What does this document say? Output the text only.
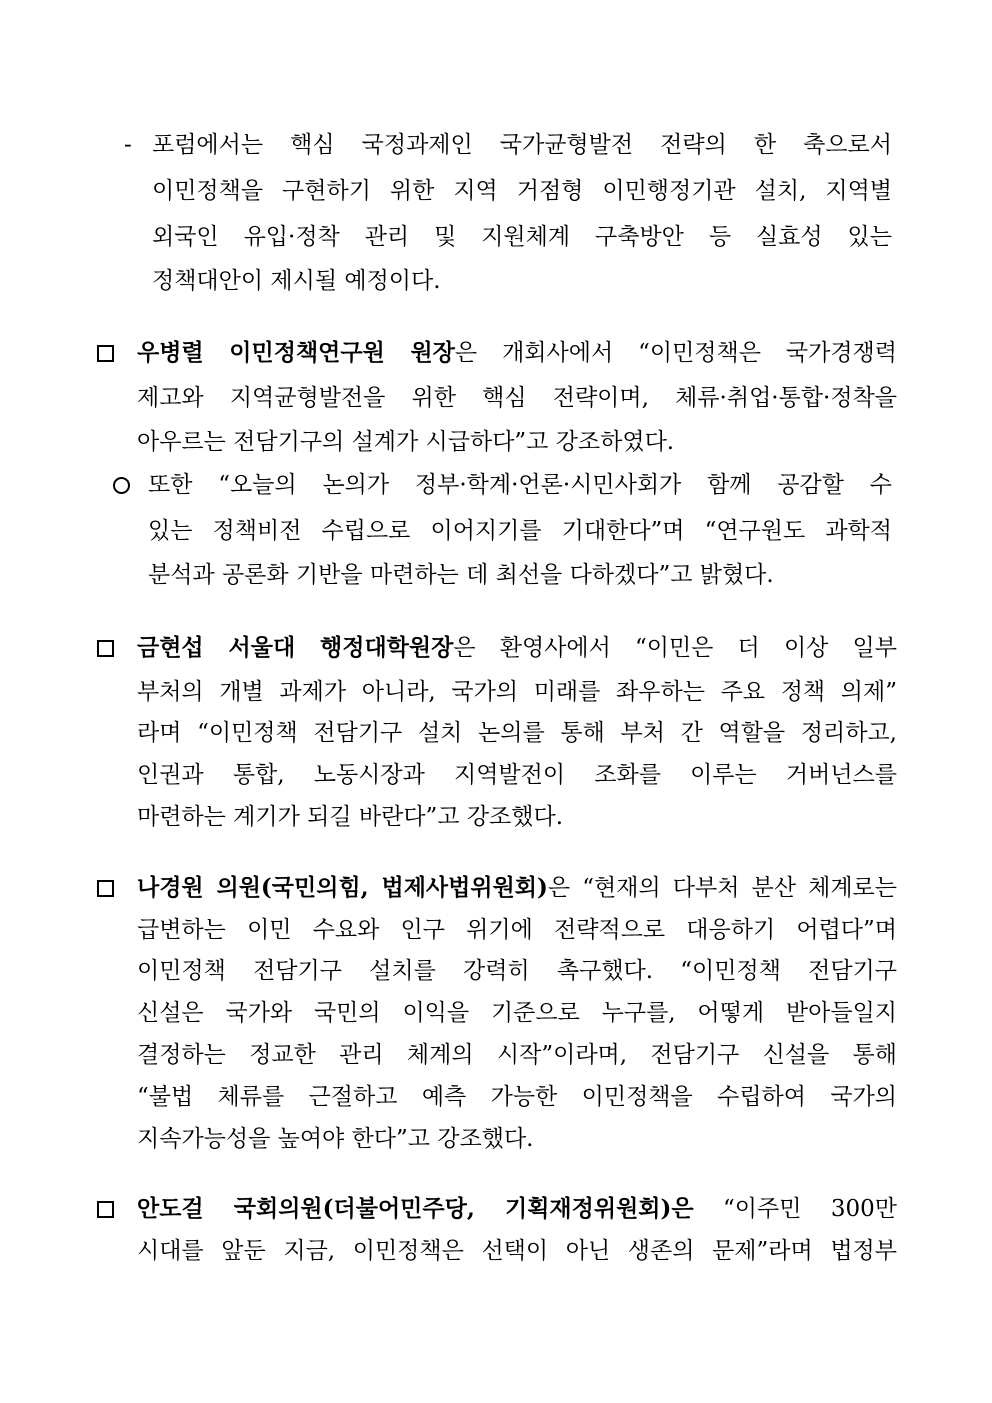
- 포럼에서는 핵심 국정과제인 국가균형발전 전략의 한 축으로서
이민정책을 구현하기 위한 지역 거점형 이민행정기관 설치, 지역별
외국인 유입·정착 관리 및 지원체계 구축방안 등 실효성 있는
정책대안이 제시될 예정이다.
우병렬 이민정책연구원 원장은 개회사에서 “이민정책은 국가경쟁력
제고와 지역균형발전을 위한 핵심 전략이며, 체류·취업·통합·정착을
아우르는 전담기구의 설계가 시급하다”고 강조하였다.
또한 “오늘의 논의가 정부·학계·언론·시민사회가 함께 공감할 수
있는 정책비전 수립으로 이어지기를 기대한다”며 “연구원도 과학적
분석과 공론화 기반을 마련하는 데 최선을 다하겠다”고 밝혔다.
금현섭 서울대 행정대학원장은 환영사에서 “이민은 더 이상 일부
부처의 개별 과제가 아니라, 국가의 미래를 좌우하는 주요 정책 의제”
라며 “이민정책 전담기구 설치 논의를 통해 부처 간 역할을 정리하고,
인권과 통합, 노동시장과 지역발전이 조화를 이루는 거버넌스를
마련하는 계기가 되길 바란다”고 강조했다.
나경원 의원(국민의힘, 법제사법위원회)은 “현재의 다부처 분산 체계로는
급변하는 이민 수요와 인구 위기에 전략적으로 대응하기 어렵다”며
이민정책 전담기구 설치를 강력히 촉구했다. “이민정책 전담기구
신설은 국가와 국민의 이익을 기준으로 누구를, 어떻게 받아들일지
결정하는 정교한 관리 체계의 시작”이라며, 전담기구 신설을 통해
“불법 체류를 근절하고 예측 가능한 이민정책을 수립하여 국가의
지속가능성을 높여야 한다”고 강조했다.
안도걸 국회의원(더불어민주당, 기획재정위원회)은 “이주민 300만
시대를 앞둔 지금, 이민정책은 선택이 아닌 생존의 문제”라며 법정부
